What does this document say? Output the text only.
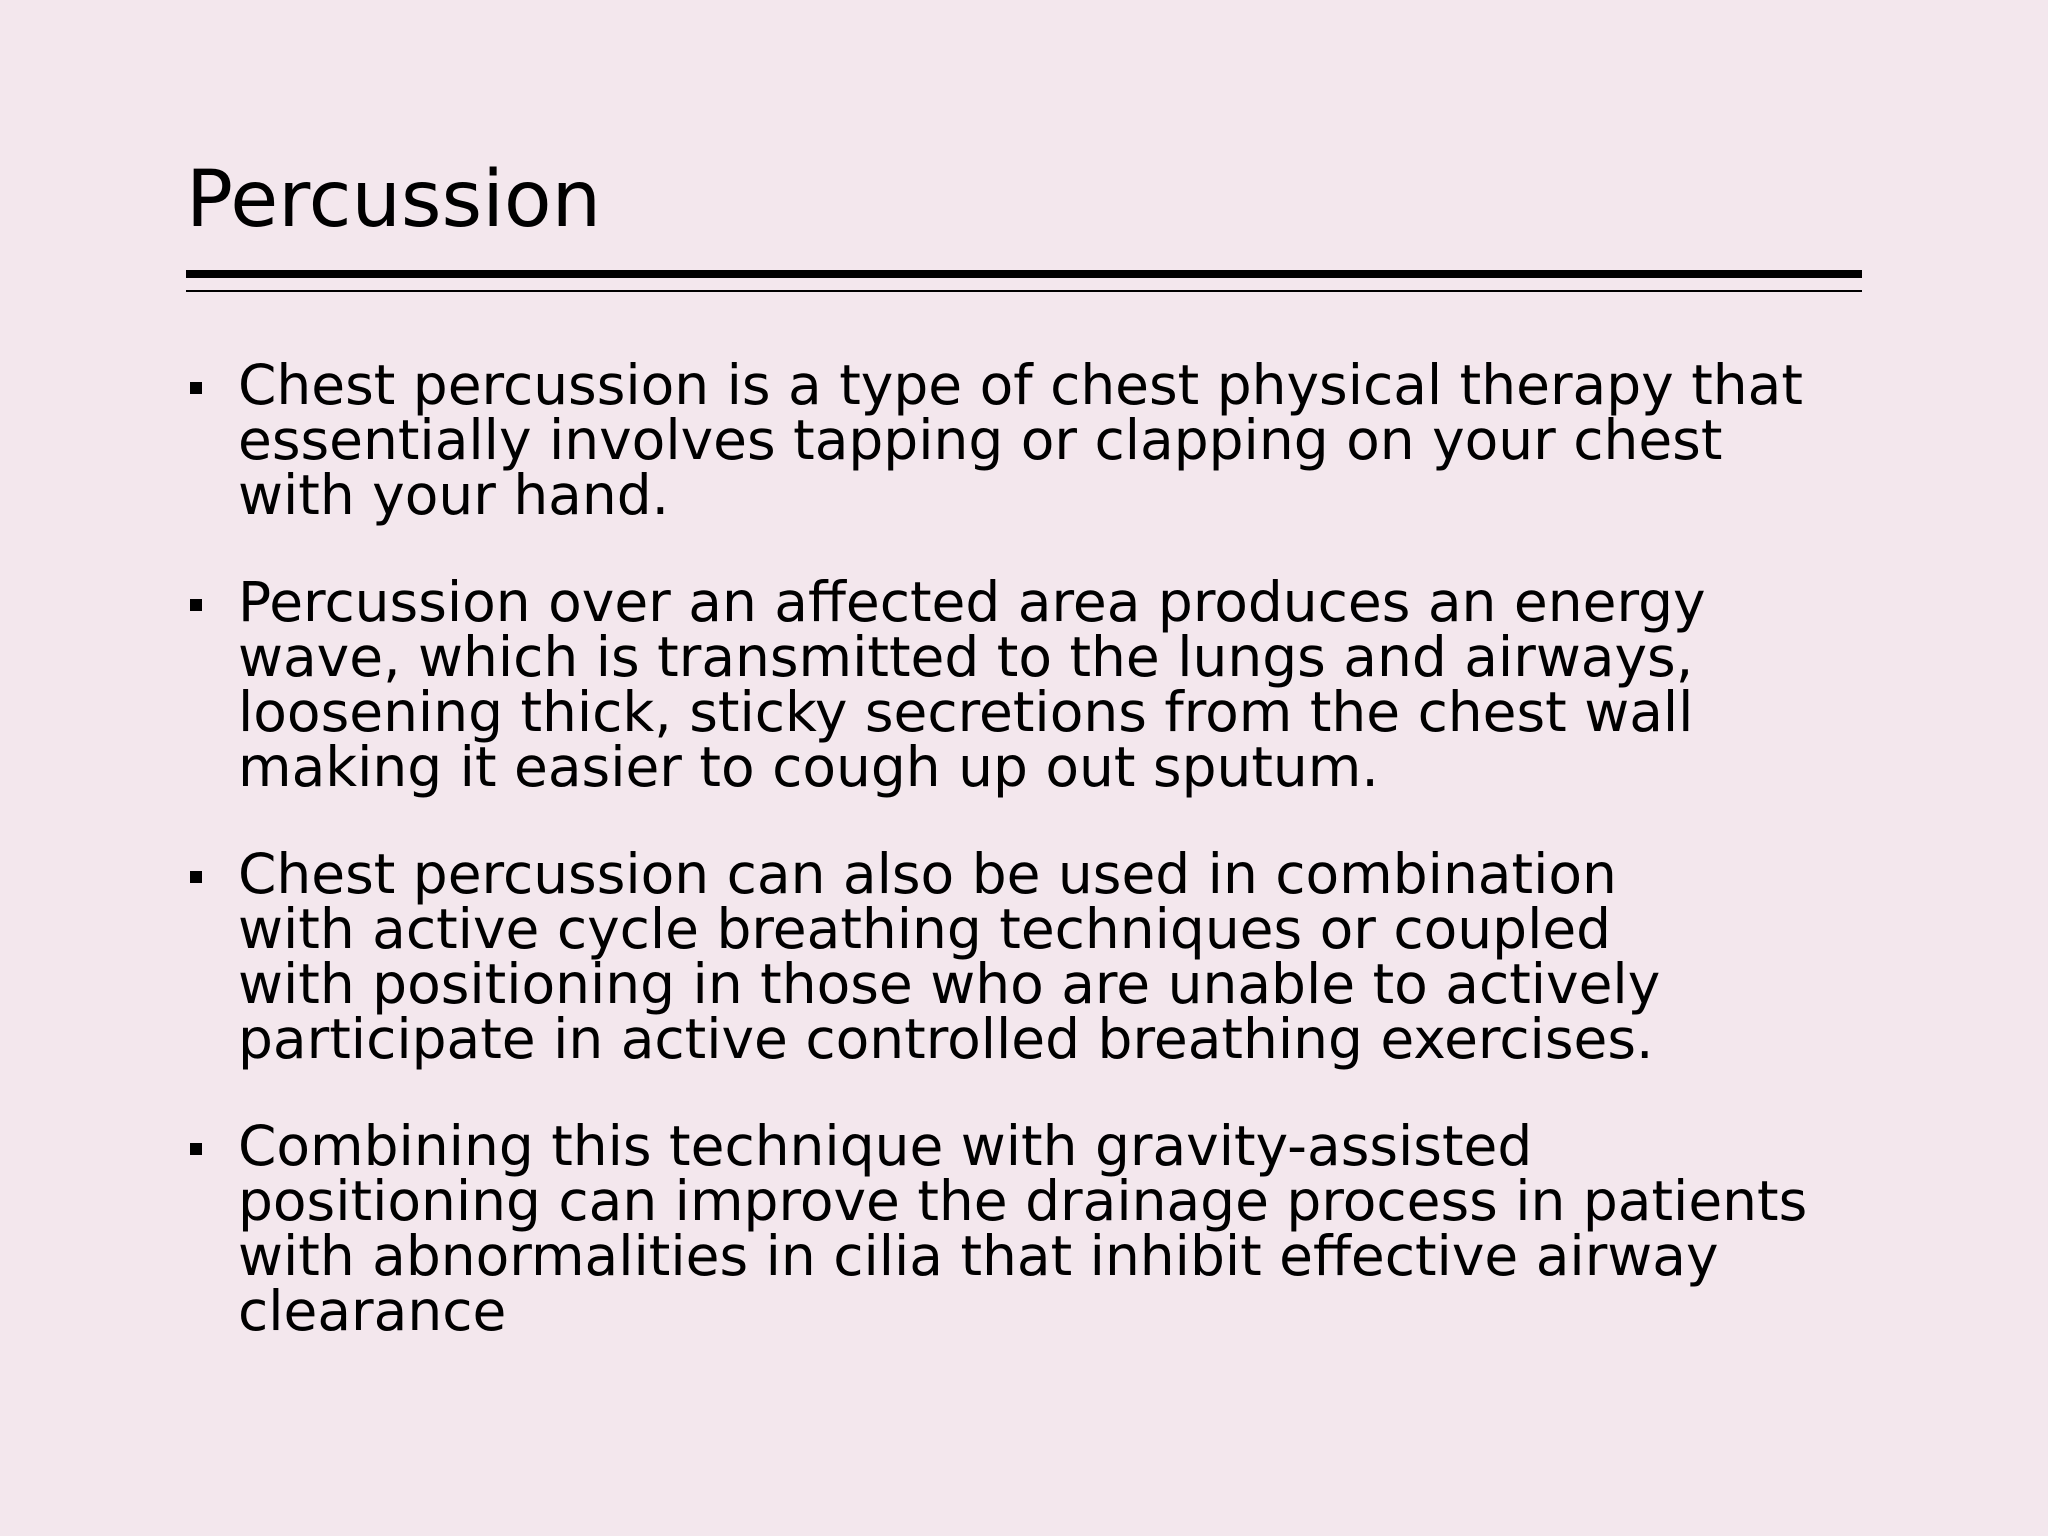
Percussion
Chest percussion is a type of chest physical therapy that
essentially involves tapping or clapping on your chest
with your hand.
Percussion over an affected area produces an energy
wave, which is transmitted to the lungs and airways,
loosening thick, sticky secretions from the chest wall
making it easier to cough up out sputum.
Chest percussion can also be used in combination
with active cycle breathing techniques or coupled
with positioning in those who are unable to actively
participate in active controlled breathing exercises.
Combining this technique with gravity-assisted
positioning can improve the drainage process in patients
with abnormalities in cilia that inhibit effective airway
clearance
